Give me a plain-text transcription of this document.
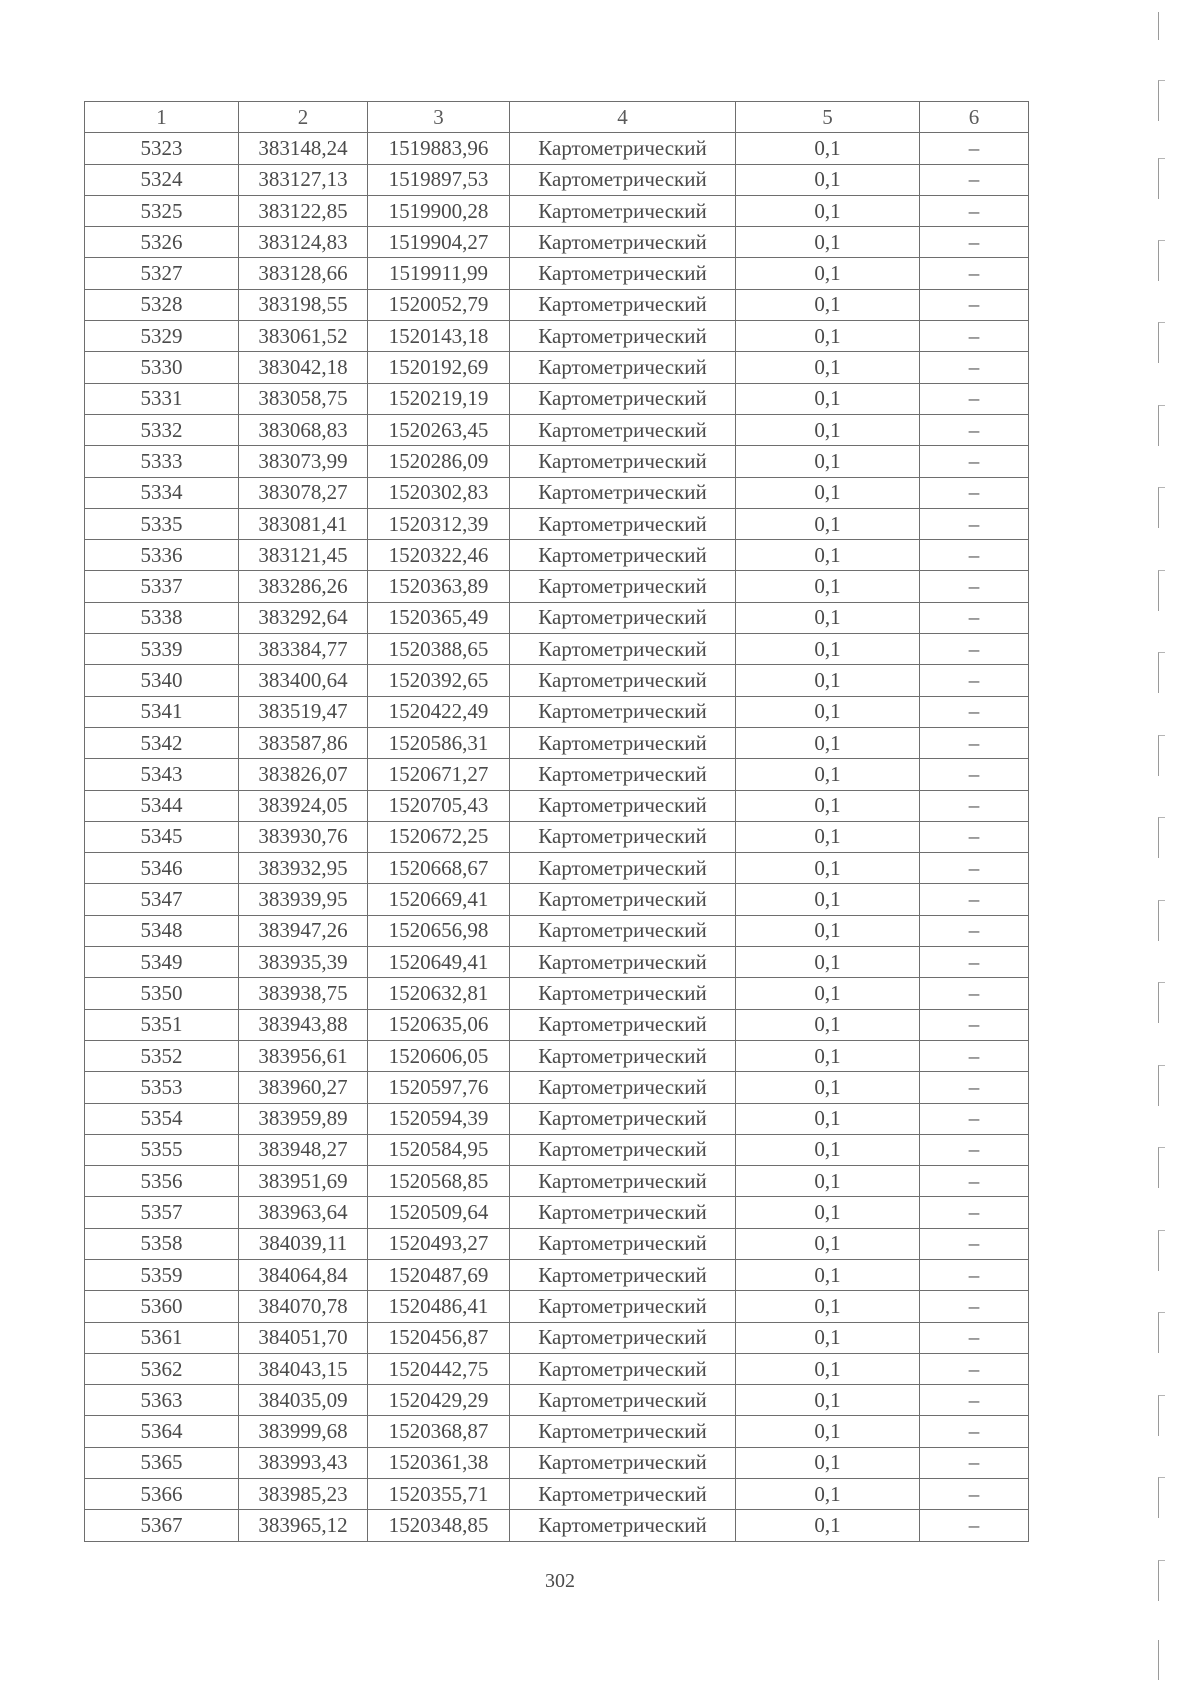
1	2	3	4	5	6
5323	383148,24	1519883,96	Картометрический	0,1	–
5324	383127,13	1519897,53	Картометрический	0,1	–
5325	383122,85	1519900,28	Картометрический	0,1	–
5326	383124,83	1519904,27	Картометрический	0,1	–
5327	383128,66	1519911,99	Картометрический	0,1	–
5328	383198,55	1520052,79	Картометрический	0,1	–
5329	383061,52	1520143,18	Картометрический	0,1	–
5330	383042,18	1520192,69	Картометрический	0,1	–
5331	383058,75	1520219,19	Картометрический	0,1	–
5332	383068,83	1520263,45	Картометрический	0,1	–
5333	383073,99	1520286,09	Картометрический	0,1	–
5334	383078,27	1520302,83	Картометрический	0,1	–
5335	383081,41	1520312,39	Картометрический	0,1	–
5336	383121,45	1520322,46	Картометрический	0,1	–
5337	383286,26	1520363,89	Картометрический	0,1	–
5338	383292,64	1520365,49	Картометрический	0,1	–
5339	383384,77	1520388,65	Картометрический	0,1	–
5340	383400,64	1520392,65	Картометрический	0,1	–
5341	383519,47	1520422,49	Картометрический	0,1	–
5342	383587,86	1520586,31	Картометрический	0,1	–
5343	383826,07	1520671,27	Картометрический	0,1	–
5344	383924,05	1520705,43	Картометрический	0,1	–
5345	383930,76	1520672,25	Картометрический	0,1	–
5346	383932,95	1520668,67	Картометрический	0,1	–
5347	383939,95	1520669,41	Картометрический	0,1	–
5348	383947,26	1520656,98	Картометрический	0,1	–
5349	383935,39	1520649,41	Картометрический	0,1	–
5350	383938,75	1520632,81	Картометрический	0,1	–
5351	383943,88	1520635,06	Картометрический	0,1	–
5352	383956,61	1520606,05	Картометрический	0,1	–
5353	383960,27	1520597,76	Картометрический	0,1	–
5354	383959,89	1520594,39	Картометрический	0,1	–
5355	383948,27	1520584,95	Картометрический	0,1	–
5356	383951,69	1520568,85	Картометрический	0,1	–
5357	383963,64	1520509,64	Картометрический	0,1	–
5358	384039,11	1520493,27	Картометрический	0,1	–
5359	384064,84	1520487,69	Картометрический	0,1	–
5360	384070,78	1520486,41	Картометрический	0,1	–
5361	384051,70	1520456,87	Картометрический	0,1	–
5362	384043,15	1520442,75	Картометрический	0,1	–
5363	384035,09	1520429,29	Картометрический	0,1	–
5364	383999,68	1520368,87	Картометрический	0,1	–
5365	383993,43	1520361,38	Картометрический	0,1	–
5366	383985,23	1520355,71	Картометрический	0,1	–
5367	383965,12	1520348,85	Картометрический	0,1	–
302
